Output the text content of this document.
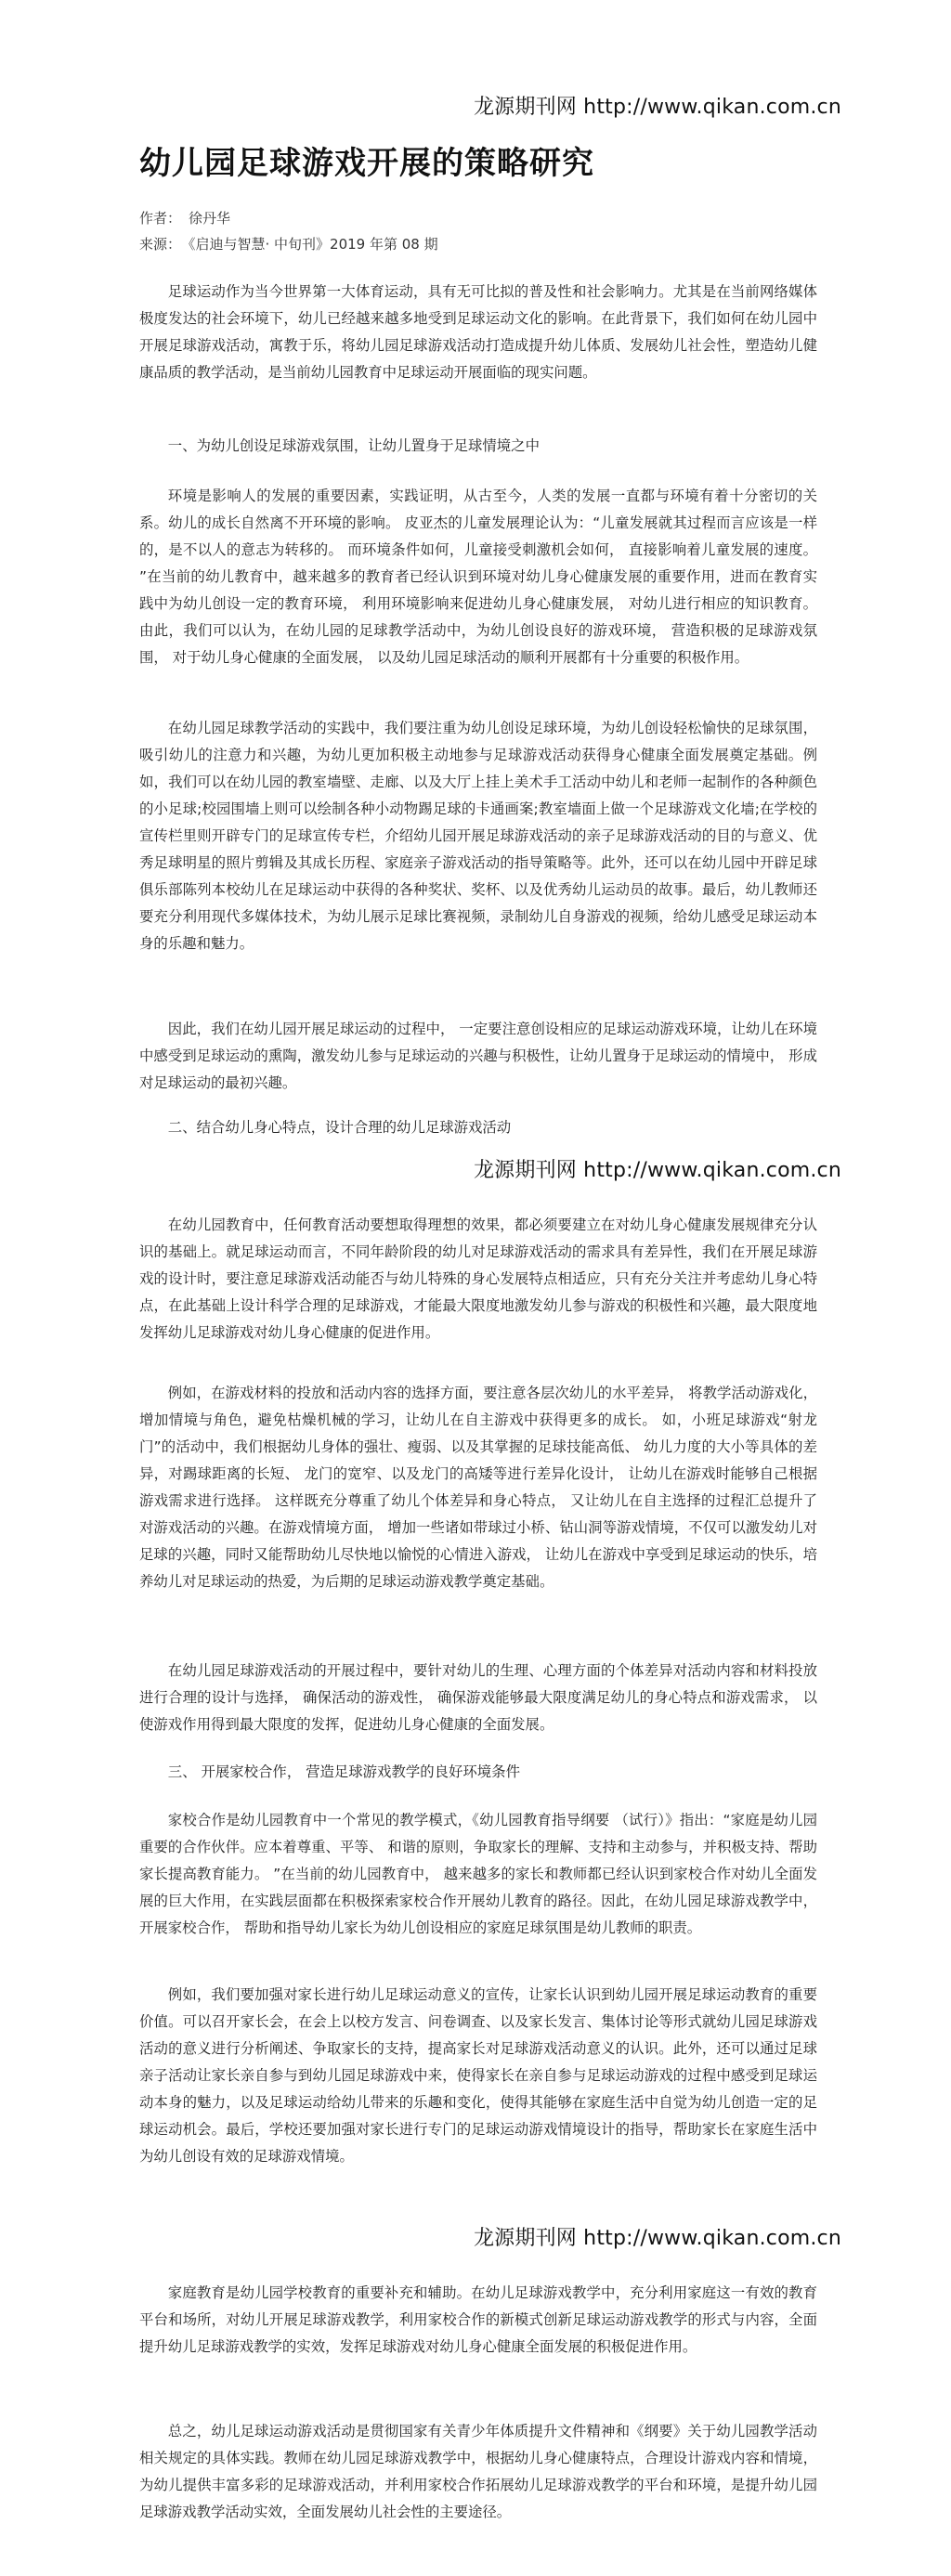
龙源期刊网 http://www.qikan.com.cn
幼儿园足球游戏开展的策略研究
作者： 徐丹华
来源： 《启迪与智慧· 中旬刊》2019 年第 08 期

足球运动作为当今世界第一大体育运动，具有无可比拟的普及性和社会影响力。尤其是在当前网络媒体极度发达的社会环境下，幼儿已经越来越多地受到足球运动文化的影响。在此背景下，我们如何在幼儿园中开展足球游戏活动，寓教于乐，将幼儿园足球游戏活动打造成提升幼儿体质、发展幼儿社会性，塑造幼儿健康品质的教学活动，是当前幼儿园教育中足球运动开展面临的现实问题。

一、为幼儿创设足球游戏氛围，让幼儿置身于足球情境之中

环境是影响人的发展的重要因素，实践证明，从古至今，人类的发展一直都与环境有着十分密切的关系。幼儿的成长自然离不开环境的影响。 皮亚杰的儿童发展理论认为：“儿童发展就其过程而言应该是一样的，是不以人的意志为转移的。 而环境条件如何，儿童接受刺激机会如何， 直接影响着儿童发展的速度。 ”在当前的幼儿教育中，越来越多的教育者已经认识到环境对幼儿身心健康发展的重要作用，进而在教育实践中为幼儿创设一定的教育环境， 利用环境影响来促进幼儿身心健康发展， 对幼儿进行相应的知识教育。 由此，我们可以认为，在幼儿园的足球教学活动中，为幼儿创设良好的游戏环境， 营造积极的足球游戏氛围， 对于幼儿身心健康的全面发展， 以及幼儿园足球活动的顺利开展都有十分重要的积极作用。

在幼儿园足球教学活动的实践中，我们要注重为幼儿创设足球环境，为幼儿创设轻松愉快的足球氛围， 吸引幼儿的注意力和兴趣，为幼儿更加积极主动地参与足球游戏活动获得身心健康全面发展奠定基础。例如，我们可以在幼儿园的教室墙壁、走廊、以及大厅上挂上美术手工活动中幼儿和老师一起制作的各种颜色的小足球;校园围墙上则可以绘制各种小动物踢足球的卡通画案;教室墙面上做一个足球游戏文化墙;在学校的宣传栏里则开辟专门的足球宣传专栏，介绍幼儿园开展足球游戏活动的亲子足球游戏活动的目的与意义、优秀足球明星的照片剪辑及其成长历程、家庭亲子游戏活动的指导策略等。此外，还可以在幼儿园中开辟足球俱乐部陈列本校幼儿在足球运动中获得的各种奖状、奖杯、以及优秀幼儿运动员的故事。最后，幼儿教师还要充分利用现代多媒体技术，为幼儿展示足球比赛视频，录制幼儿自身游戏的视频，给幼儿感受足球运动本身的乐趣和魅力。

因此，我们在幼儿园开展足球运动的过程中， 一定要注意创设相应的足球运动游戏环境，让幼儿在环境中感受到足球运动的熏陶，激发幼儿参与足球运动的兴趣与积极性，让幼儿置身于足球运动的情境中， 形成对足球运动的最初兴趣。

二、结合幼儿身心特点，设计合理的幼儿足球游戏活动

龙源期刊网 http://www.qikan.com.cn

在幼儿园教育中，任何教育活动要想取得理想的效果，都必须要建立在对幼儿身心健康发展规律充分认识的基础上。就足球运动而言，不同年龄阶段的幼儿对足球游戏活动的需求具有差异性，我们在开展足球游戏的设计时，要注意足球游戏活动能否与幼儿特殊的身心发展特点相适应，只有充分关注并考虑幼儿身心特点，在此基础上设计科学合理的足球游戏，才能最大限度地激发幼儿参与游戏的积极性和兴趣，最大限度地发挥幼儿足球游戏对幼儿身心健康的促进作用。

例如，在游戏材料的投放和活动内容的选择方面，要注意各层次幼儿的水平差异， 将教学活动游戏化，增加情境与角色，避免枯燥机械的学习，让幼儿在自主游戏中获得更多的成长。 如，小班足球游戏“射龙门”的活动中，我们根据幼儿身体的强壮、瘦弱、以及其掌握的足球技能高低、 幼儿力度的大小等具体的差异，对踢球距离的长短、 龙门的宽窄、以及龙门的高矮等进行差异化设计， 让幼儿在游戏时能够自己根据游戏需求进行选择。 这样既充分尊重了幼儿个体差异和身心特点， 又让幼儿在自主选择的过程汇总提升了对游戏活动的兴趣。在游戏情境方面， 增加一些诸如带球过小桥、钻山洞等游戏情境，不仅可以激发幼儿对足球的兴趣，同时又能帮助幼儿尽快地以愉悦的心情进入游戏， 让幼儿在游戏中享受到足球运动的快乐，培养幼儿对足球运动的热爱，为后期的足球运动游戏教学奠定基础。

在幼儿园足球游戏活动的开展过程中，要针对幼儿的生理、心理方面的个体差异对活动内容和材料投放进行合理的设计与选择， 确保活动的游戏性， 确保游戏能够最大限度满足幼儿的身心特点和游戏需求， 以使游戏作用得到最大限度的发挥，促进幼儿身心健康的全面发展。

三、 开展家校合作， 营造足球游戏教学的良好环境条件

家校合作是幼儿园教育中一个常见的教学模式，《幼儿园教育指导纲要 （试行）》指出：“家庭是幼儿园重要的合作伙伴。应本着尊重、平等、 和谐的原则，争取家长的理解、支持和主动参与，并积极支持、帮助家长提高教育能力。 ”在当前的幼儿园教育中， 越来越多的家长和教师都已经认识到家校合作对幼儿全面发展的巨大作用，在实践层面都在积极探索家校合作开展幼儿教育的路径。因此，在幼儿园足球游戏教学中，开展家校合作， 帮助和指导幼儿家长为幼儿创设相应的家庭足球氛围是幼儿教师的职责。

例如，我们要加强对家长进行幼儿足球运动意义的宣传，让家长认识到幼儿园开展足球运动教育的重要价值。可以召开家长会，在会上以校方发言、问卷调查、以及家长发言、集体讨论等形式就幼儿园足球游戏活动的意义进行分析阐述、争取家长的支持，提高家长对足球游戏活动意义的认识。此外，还可以通过足球亲子活动让家长亲自参与到幼儿园足球游戏中来，使得家长在亲自参与足球运动游戏的过程中感受到足球运动本身的魅力，以及足球运动给幼儿带来的乐趣和变化，使得其能够在家庭生活中自觉为幼儿创造一定的足球运动机会。最后，学校还要加强对家长进行专门的足球运动游戏情境设计的指导，帮助家长在家庭生活中为幼儿创设有效的足球游戏情境。

龙源期刊网 http://www.qikan.com.cn

家庭教育是幼儿园学校教育的重要补充和辅助。在幼儿足球游戏教学中，充分利用家庭这一有效的教育平台和场所，对幼儿开展足球游戏教学，利用家校合作的新模式创新足球运动游戏教学的形式与内容，全面提升幼儿足球游戏教学的实效，发挥足球游戏对幼儿身心健康全面发展的积极促进作用。

总之，幼儿足球运动游戏活动是贯彻国家有关青少年体质提升文件精神和《纲要》关于幼儿园教学活动相关规定的具体实践。教师在幼儿园足球游戏教学中，根据幼儿身心健康特点，合理设计游戏内容和情境，为幼儿提供丰富多彩的足球游戏活动，并利用家校合作拓展幼儿足球游戏教学的平台和环境，是提升幼儿园足球游戏教学活动实效，全面发展幼儿社会性的主要途径。
